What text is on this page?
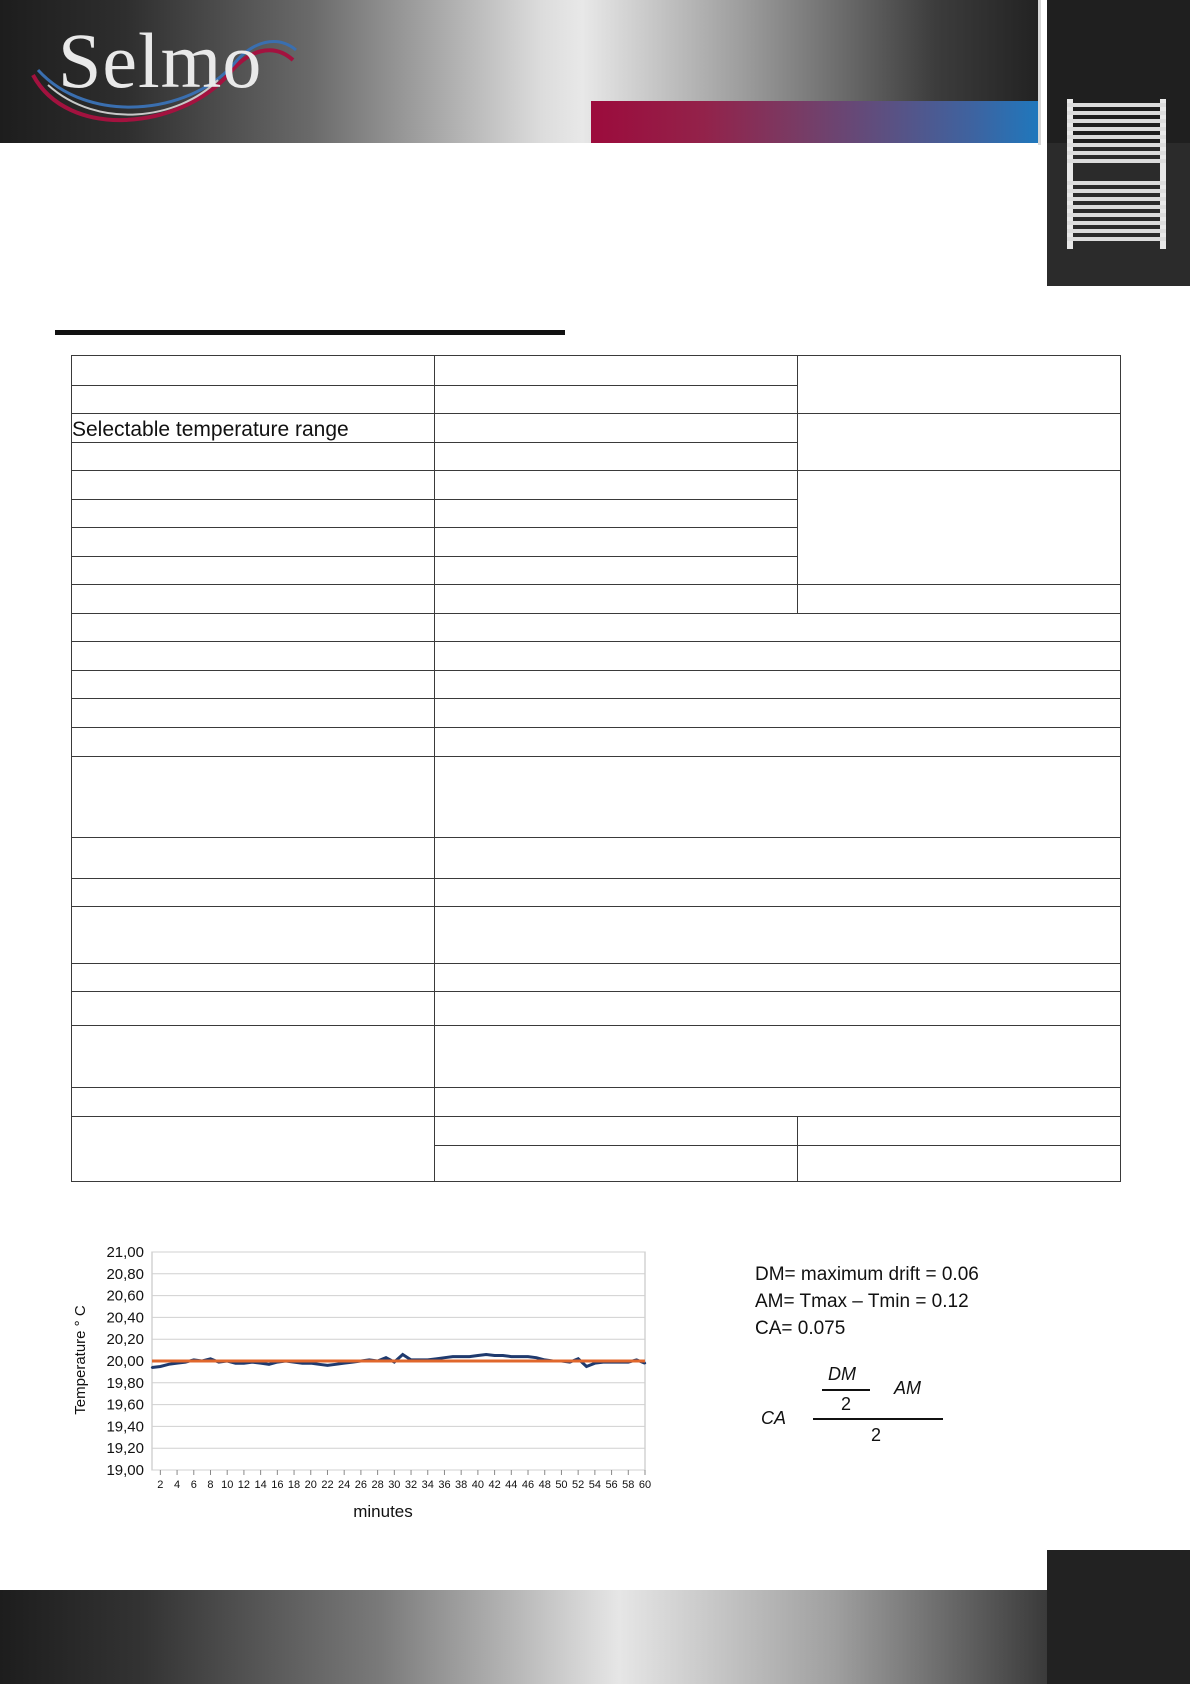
Selmo

Selectable temperature range		

21,00
20,80
20,60
20,40
20,20
20,00
19,80
19,60
19,40
19,20
19,00
2 4 6 8 10 12 14 16 18 20 22 24 26 28 30 32 34 36 38 40 42 44 46 48 50 52 54 56 58 60
Temperature ° C
minutes
DM= maximum drift = 0.06
AM= Tmax – Tmin = 0.12
CA= 0.075
CA
DM
2
AM
2
